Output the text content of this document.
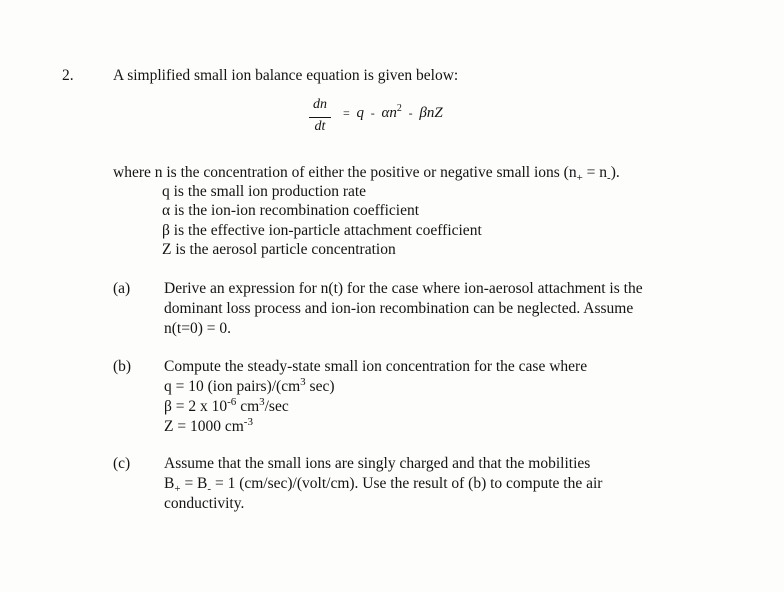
2.	A simplified small ion balance equation is given below:
dn
dt
= q - $\alpha n^2$ - βnZ
where n is the concentration of either the positive or negative small ions $(n_+ = n_-)$.
q is the small ion production rate
α is the ion-ion recombination coefficient
β is the effective ion-particle attachment coefficient
Z is the aerosol particle concentration
(a) Derive an expression for n(t) for the case where ion-aerosol attachment is the
dominant loss process and ion-ion recombination can be neglected. Assume
n(t=0) = 0.
(b) Compute the steady-state small ion concentration for the case where
q = 10 (ion $pairs)/(cm^3$ sec)
β = 2 x $10^{-6}$ $cm^3/\sec$
Z = 1000 $cm^{-3}$
(c) Assume that the small ions are singly charged and that the mobilities
$B_+ = B_- = 1$ (cm/sec)/(volt/cm). Use the result of (b) to compute the air
conductivity.
